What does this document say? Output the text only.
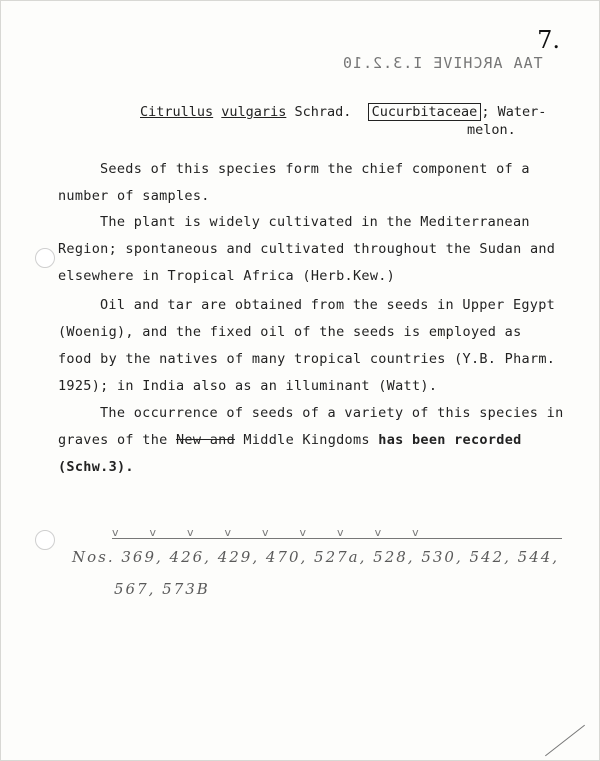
7.
TAA ARCHIVE I.3.2.10
Citrullus vulgaris Schrad. Cucurbitaceae ; Water-
melon.
Seeds of this species form the chief component of a
number of samples.
The plant is widely cultivated in the Mediterranean
Region; spontaneous and cultivated throughout the Sudan and
elsewhere in Tropical Africa (Herb.Kew.)
Oil and tar are obtained from the seeds in Upper Egypt
(Woenig), and the fixed oil of the seeds is employed as
food by the natives of many tropical countries (Y.B. Pharm.
1925); in India also as an illuminant (Watt).
The occurrence of seeds of a variety of this species in
graves of the New and Middle Kingdoms has been recorded
(Schw.3).
vvvvvvvvv
Nos. 369, 426, 429, 470, 527a, 528, 530, 542, 544,
567, 573B
